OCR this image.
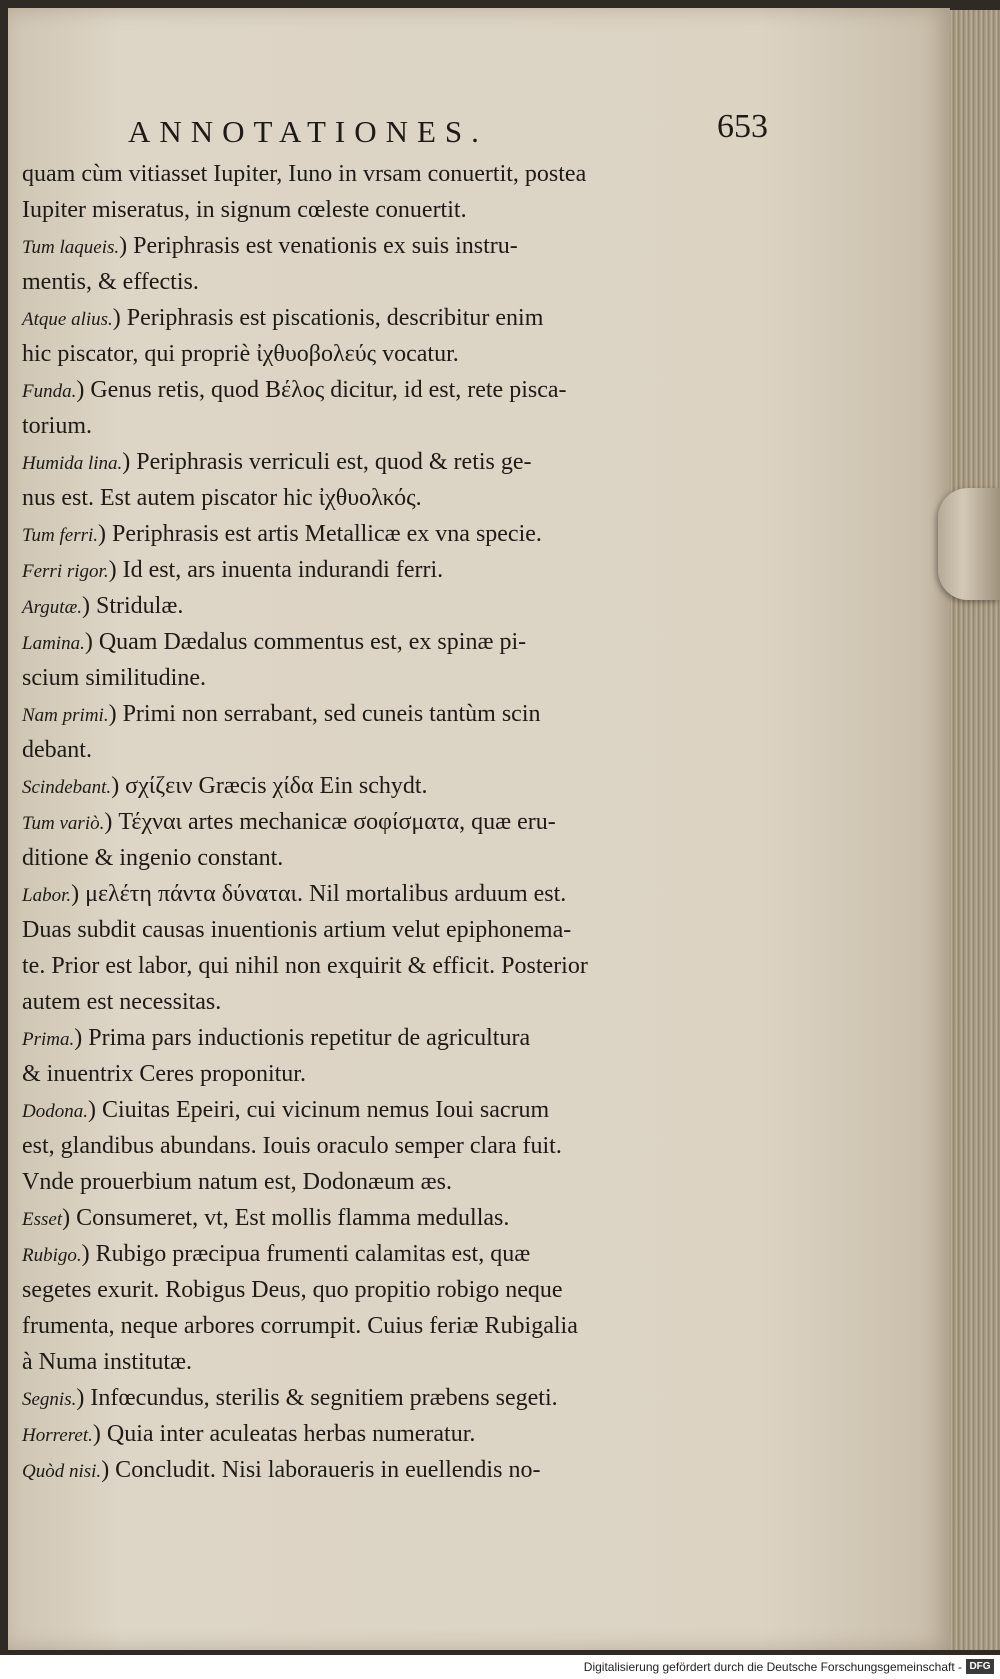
ANNOTATIONES.	653
quam cùm vitiasset Iupiter, Iuno in vrsam conuertit, postea
Iupiter miseratus, in signum cœleste conuertit.
Tum laqueis.) Periphrasis est venationis ex suis instru-
mentis, & effectis.
Atque alius.) Periphrasis est piscationis, describitur enim
hic piscator, qui propriè ἰχθυοβολεύς vocatur.
Funda.) Genus retis, quod Βέλος dicitur, id est, rete pisca-
torium.
Humida lina.) Periphrasis verriculi est, quod & retis ge-
nus est. Est autem piscator hic ἰχθυολκός.
Tum ferri.) Periphrasis est artis Metallicæ ex vna specie.
Ferri rigor.) Id est, ars inuenta indurandi ferri.
Argutæ.) Stridulæ.
Lamina.) Quam Dædalus commentus est, ex spinæ pi-
scium similitudine.
Nam primi.) Primi non serrabant, sed cuneis tantùm scin
debant.
Scindebant.) σχίζειν Græcis χίδα Ein schydt.
Tum variò.) Τέχναι artes mechanicæ σοφίσματα, quæ eru-
ditione & ingenio constant.
Labor.) μελέτη πάντα δύναται. Nil mortalibus arduum est.
Duas subdit causas inuentionis artium velut epiphonema-
te. Prior est labor, qui nihil non exquirit & efficit. Posterior
autem est necessitas.
Prima.) Prima pars inductionis repetitur de agricultura
& inuentrix Ceres proponitur.
Dodona.) Ciuitas Epeiri, cui vicinum nemus Ioui sacrum
est, glandibus abundans. Iouis oraculo semper clara fuit.
Vnde prouerbium natum est, Dodonæum æs.
Esset) Consumeret, vt, Est mollis flamma medullas.
Rubigo.) Rubigo præcipua frumenti calamitas est, quæ
segetes exurit. Robigus Deus, quo propitio robigo neque
frumenta, neque arbores corrumpit. Cuius feriæ Rubigalia
à Numa institutæ.
Segnis.) Infœcundus, sterilis & segnitiem præbens segeti.
Horreret.) Quia inter aculeatas herbas numeratur.
Quòd nisi.) Concludit. Nisi laboraueris in euellendis no-
Digitalisierung gefördert durch die Deutsche Forschungsgemeinschaft - DFG
